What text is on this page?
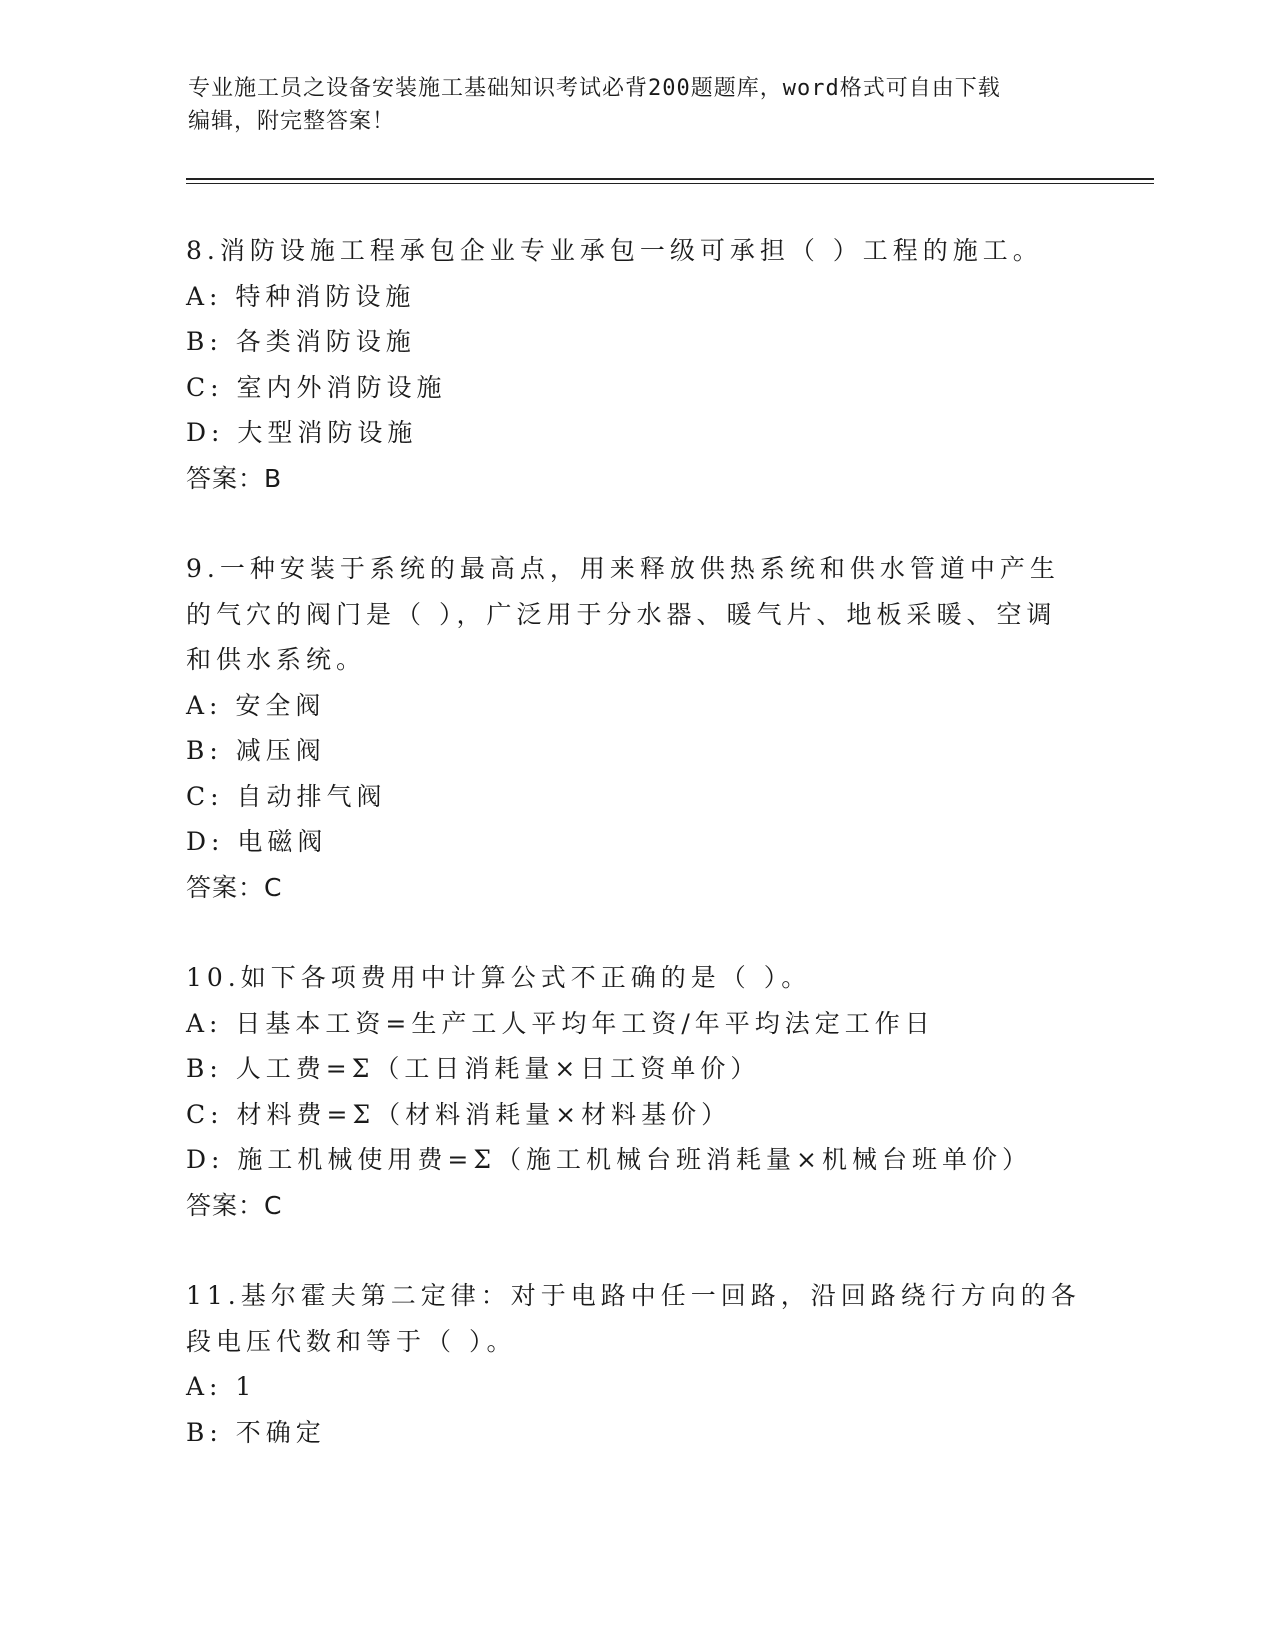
专业施工员之设备安装施工基础知识考试必背200题题库，word格式可自由下载
编辑，附完整答案！
8.消防设施工程承包企业专业承包一级可承担（ ）工程的施工。
A: 特种消防设施
B: 各类消防设施
C: 室内外消防设施
D: 大型消防设施
答案：B
9.一种安装于系统的最高点，用来释放供热系统和供水管道中产生的气穴的阀门是（ ），广泛用于分水器、暖气片、地板采暖、空调和供水系统。
A: 安全阀
B: 减压阀
C: 自动排气阀
D: 电磁阀
答案：C
10.如下各项费用中计算公式不正确的是（ ）。
A: 日基本工资=生产工人平均年工资/年平均法定工作日
B: 人工费=Σ（工日消耗量×日工资单价）
C: 材料费=Σ（材料消耗量×材料基价）
D: 施工机械使用费=Σ（施工机械台班消耗量×机械台班单价）
答案：C
11.基尔霍夫第二定律：对于电路中任一回路，沿回路绕行方向的各段电压代数和等于（ ）。
A: 1
B: 不确定
